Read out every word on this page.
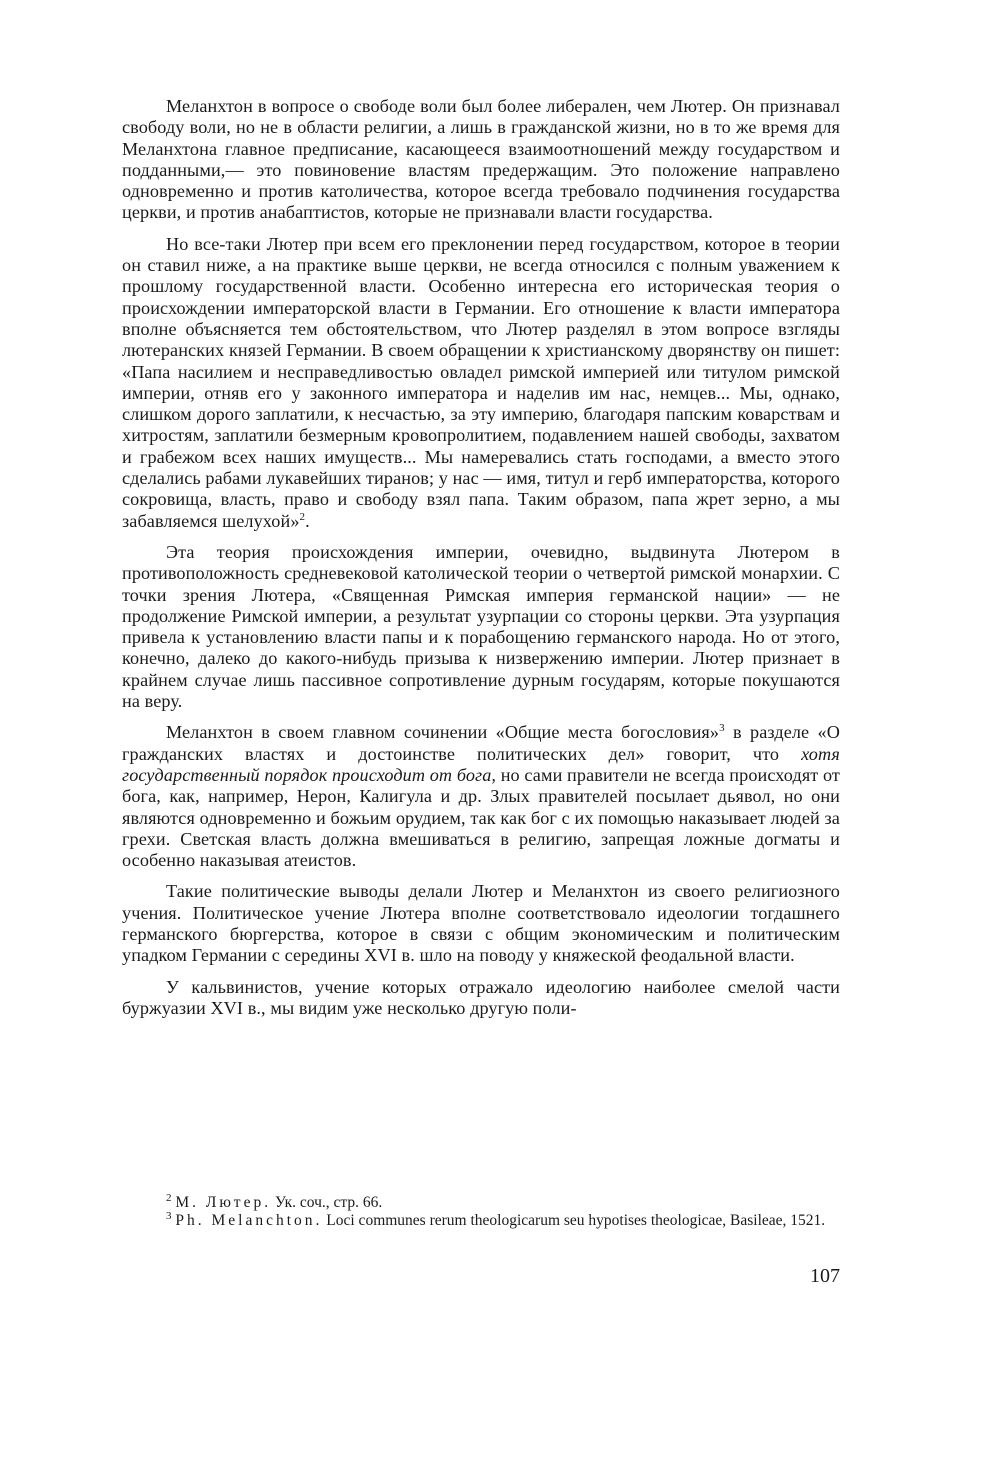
Меланхтон в вопросе о свободе воли был более либерален, чем Лютер. Он признавал свободу воли, но не в области религии, а лишь в гражданской жизни, но в то же время для Меланхтона главное предписание, касающееся взаимоотношений между государством и подданными,— это повиновение властям предержащим. Это положение направлено одновременно и против католичества, которое всегда требовало подчинения государства церкви, и против анабаптистов, которые не признавали власти государства.

Но все-таки Лютер при всем его преклонении перед государством, которое в теории он ставил ниже, а на практике выше церкви, не всегда относился с полным уважением к прошлому государственной власти. Особенно интересна его историческая теория о происхождении императорской власти в Германии. Его отношение к власти императора вполне объясняется тем обстоятельством, что Лютер разделял в этом вопросе взгляды лютеранских князей Германии. В своем обращении к христианскому дворянству он пишет: «Папа насилием и несправедливостью овладел римской империей или титулом римской империи, отняв его у законного императора и наделив им нас, немцев... Мы, однако, слишком дорого заплатили, к несчастью, за эту империю, благодаря папским коварствам и хитростям, заплатили безмерным кровопролитием, подавлением нашей свободы, захватом и грабежом всех наших имуществ... Мы намеревались стать господами, а вместо этого сделались рабами лукавейших тиранов; у нас — имя, титул и герб императорства, которого сокровища, власть, право и свободу взял папа. Таким образом, папа жрет зерно, а мы забавляемся шелухой»$^2$.

Эта теория происхождения империи, очевидно, выдвинута Лютером в противоположность средневековой католической теории о четвертой римской монархии. С точки зрения Лютера, «Священная Римская империя германской нации» — не продолжение Римской империи, а результат узурпации со стороны церкви. Эта узурпация привела к установлению власти папы и к порабощению германского народа. Но от этого, конечно, далеко до какого-нибудь призыва к низвержению империи. Лютер признает в крайнем случае лишь пассивное сопротивление дурным государям, которые покушаются на веру.

Меланхтон в своем главном сочинении «Общие места богословия»$^3$ в разделе «О гражданских властях и достоинстве политических дел» говорит, что хотя государственный порядок происходит от бога, но сами правители не всегда происходят от бога, как, например, Нерон, Калигула и др. Злых правителей посылает дьявол, но они являются одновременно и божьим орудием, так как бог с их помощью наказывает людей за грехи. Светская власть должна вмешиваться в религию, запрещая ложные догматы и особенно наказывая атеистов.

Такие политические выводы делали Лютер и Меланхтон из своего религиозного учения. Политическое учение Лютера вполне соответствовало идеологии тогдашнего германского бюргерства, которое в связи с общим экономическим и политическим упадком Германии с середины XVI в. шло на поводу у княжеской феодальной власти.

У кальвинистов, учение которых отражало идеологию наиболее смелой части буржуазии XVI в., мы видим уже несколько другую поли-

$^2$ М. Лютер. Ук. соч., стр. 66.

$^3$ Ph. Melanchton. Loci communes rerum theologicarum seu hypotises theologicae, Basileae, 1521.

107
